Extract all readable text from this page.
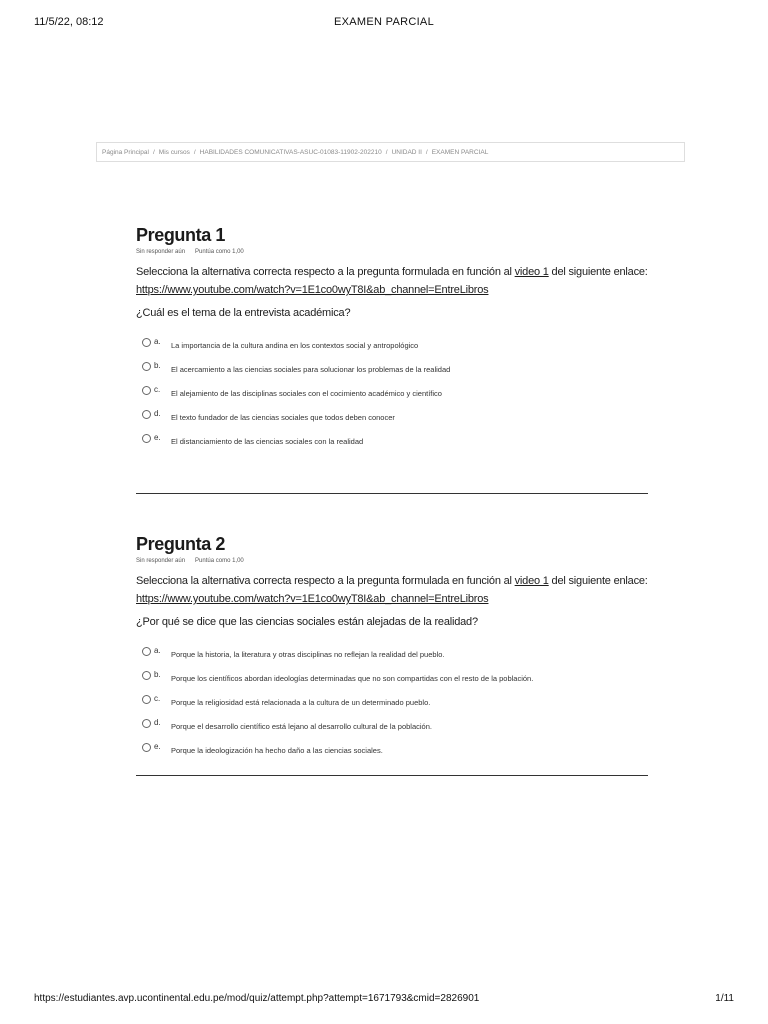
11/5/22, 08:12	EXAMEN PARCIAL
Página Principal / Mis cursos / HABILIDADES COMUNICATIVAS-ASUC-01083-11902-202210 / UNIDAD II / EXAMEN PARCIAL
Pregunta 1
Sin responder aún Puntúa como 1,00
Selecciona la alternativa correcta respecto a la pregunta formulada en función al video 1 del siguiente enlace:
https://www.youtube.com/watch?v=1E1co0wyT8I&ab_channel=EntreLibros
¿Cuál es el tema de la entrevista académica?
a. La importancia de la cultura andina en los contextos social y antropológico
b. El acercamiento a las ciencias sociales para solucionar los problemas de la realidad
c. El alejamiento de las disciplinas sociales con el cocimiento académico y científico
d. El texto fundador de las ciencias sociales que todos deben conocer
e. El distanciamiento de las ciencias sociales con la realidad
Pregunta 2
Sin responder aún Puntúa como 1,00
Selecciona la alternativa correcta respecto a la pregunta formulada en función al video 1 del siguiente enlace: https://www.youtube.com/watch?v=1E1co0wyT8I&ab_channel=EntreLibros
¿Por qué se dice que las ciencias sociales están alejadas de la realidad?
a. Porque la historia, la literatura y otras disciplinas no reflejan la realidad del pueblo.
b. Porque los científicos abordan ideologías determinadas que no son compartidas con el resto de la población.
c. Porque la religiosidad está relacionada a la cultura de un determinado pueblo.
d. Porque el desarrollo científico está lejano al desarrollo cultural de la población.
e. Porque la ideologización ha hecho daño a las ciencias sociales.
https://estudiantes.avp.ucontinental.edu.pe/mod/quiz/attempt.php?attempt=1671793&cmid=2826901	1/11
